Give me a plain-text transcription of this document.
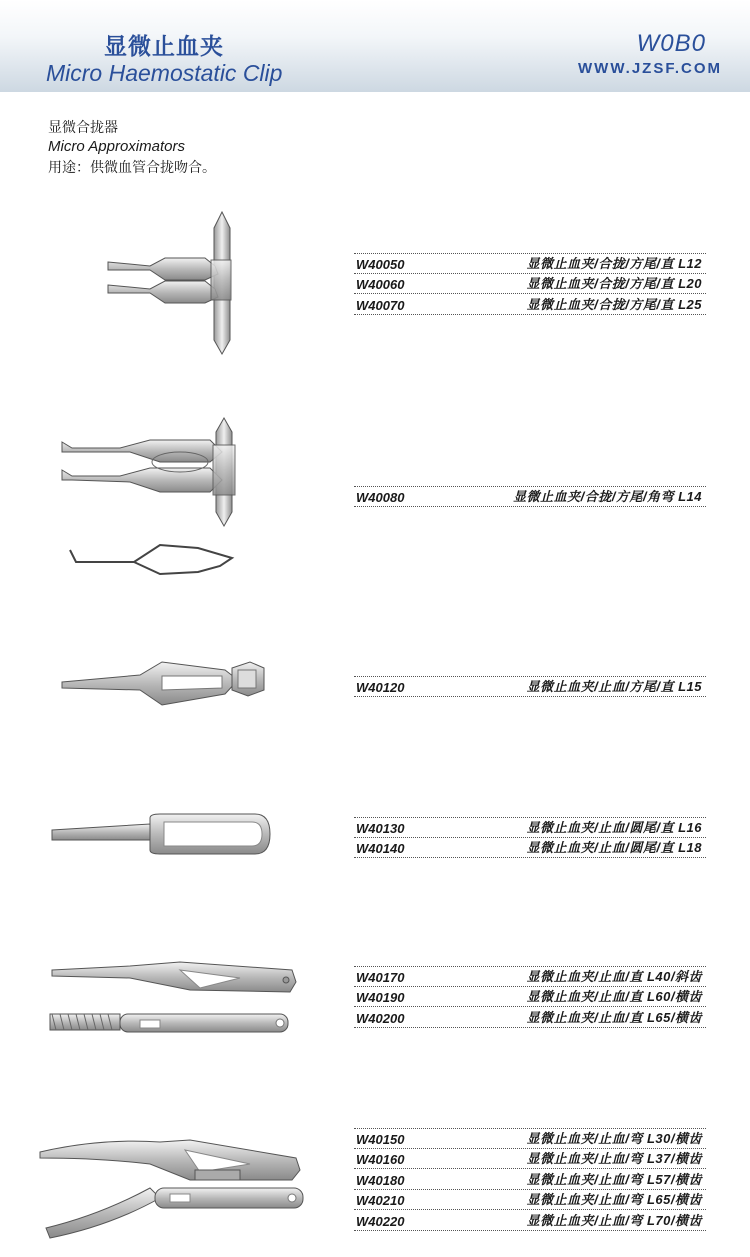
显微止血夹
Micro Haemostatic Clip
W0B0
WWW.JZSF.COM
显微合拢器
Micro Approximators
用途：供微血管合拢吻合。
W40050	显微止血夹/合拢/方尾/直 L12
W40060	显微止血夹/合拢/方尾/直 L20
W40070	显微止血夹/合拢/方尾/直 L25
W40080	显微止血夹/合拢/方尾/角弯 L14
W40120	显微止血夹/止血/方尾/直 L15
W40130	显微止血夹/止血/圆尾/直 L16
W40140	显微止血夹/止血/圆尾/直 L18
W40170	显微止血夹/止血/直 L40/斜齿
W40190	显微止血夹/止血/直 L60/横齿
W40200	显微止血夹/止血/直 L65/横齿
W40150	显微止血夹/止血/弯 L30/横齿
W40160	显微止血夹/止血/弯 L37/横齿
W40180	显微止血夹/止血/弯 L57/横齿
W40210	显微止血夹/止血/弯 L65/横齿
W40220	显微止血夹/止血/弯 L70/横齿
